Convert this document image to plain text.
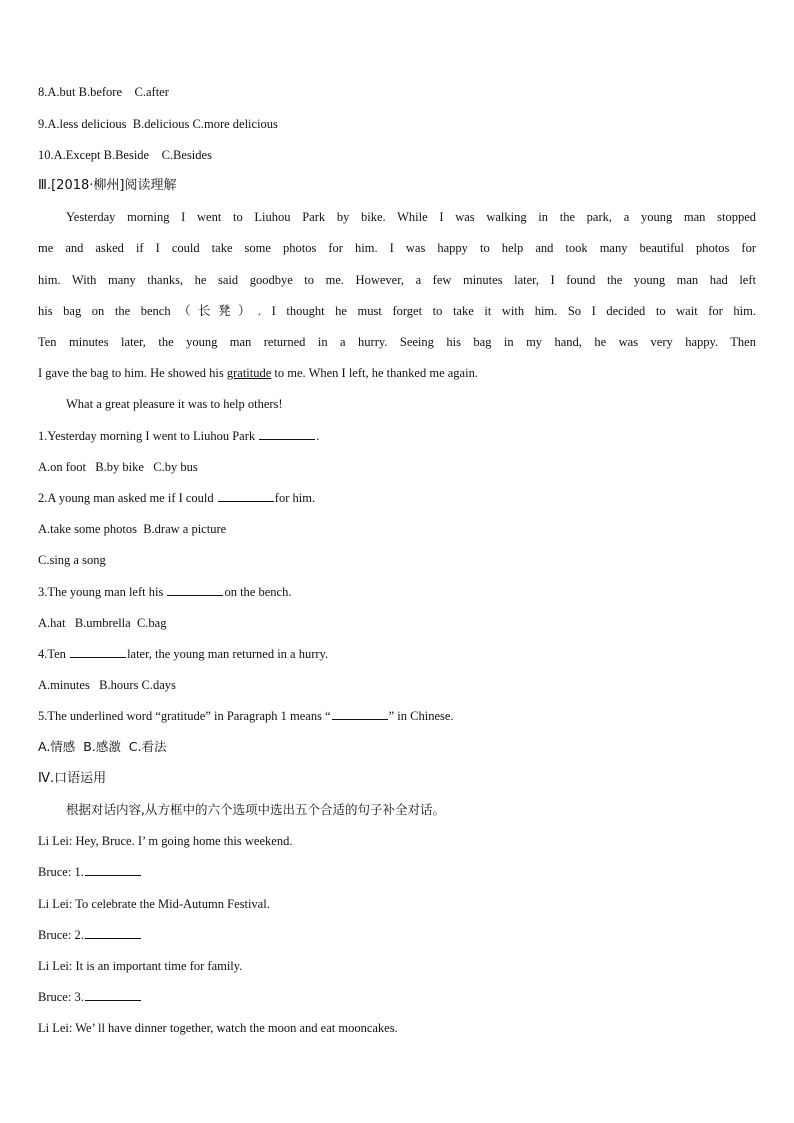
8.A.but B.before C.after
9.A.less delicious B.delicious C.more delicious
10.A.Except B.Beside C.Besides
Ⅲ.[2018·柳州]阅读理解
Yesterday morning I went to Liuhou Park by bike. While I was walking in the park, a young man stopped
me and asked if I could take some photos for him. I was happy to help and took many beautiful photos for
him. With many thanks, he said goodbye to me. However, a few minutes later, I found the young man had left
his bag on the bench（长凳）. I thought he must forget to take it with him. So I decided to wait for him.
Ten minutes later, the young man returned in a hurry. Seeing his bag in my hand, he was very happy. Then
I gave the bag to him. He showed his gratitude to me. When I left, he thanked me again.
What a great pleasure it was to help others!
1.Yesterday morning I went to Liuhou Park	.
A.on foot B.by bike C.by bus
2.A young man asked me if I could	for him.
A.take some photos B.draw a picture
C.sing a song
3.The young man left his	on the bench.
A.hat B.umbrella C.bag
4.Ten	later, the young man returned in a hurry.
A.minutes B.hours C.days
5.The underlined word “gratitude” in Paragraph 1 means “	” in Chinese.
A.情感 B.感激 C.看法
Ⅳ.口语运用
根据对话内容,从方框中的六个选项中选出五个合适的句子补全对话。
Li Lei: Hey, Bruce. I’ m going home this weekend.
Bruce: 1.
Li Lei: To celebrate the Mid-Autumn Festival.
Bruce: 2.
Li Lei: It is an important time for family.
Bruce: 3.
Li Lei: We’ ll have dinner together, watch the moon and eat mooncakes.
